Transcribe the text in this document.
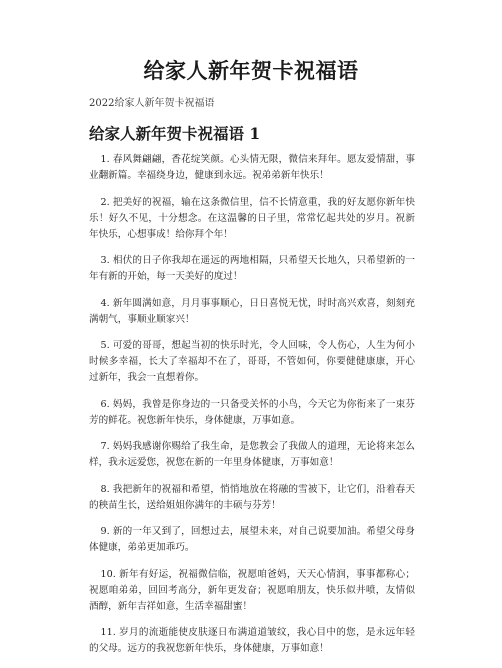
给家人新年贺卡祝福语
2022给家人新年贺卡祝福语
给家人新年贺卡祝福语 1

1. 春风舞翩翩，香花绽笑颜。心头情无限，微信来拜年。愿友爱情甜，事业翻新篇。幸福绕身边，健康到永远。祝弟弟新年快乐！

2. 把美好的祝福，输在这条微信里，信不长情意重，我的好友愿你新年快乐！好久不见，十分想念。在这温馨的日子里，常常忆起共处的岁月。祝新年快乐，心想事成！给你拜个年！

3. 相伏的日子你我却在遥远的两地相隔，只希望天长地久，只希望新的一年有新的开始，每一天美好的度过！

4. 新年圆满如意，月月事事顺心，日日喜悦无忧，时时高兴欢喜，刻刻充满朝气，事顺业顺家兴！

5. 可爱的哥哥，想起当初的快乐时光，令人回味，令人伤心，人生为何小时候多幸福，长大了幸福却不在了，哥哥，不管如何，你要健健康康，开心过新年，我会一直想着你。

6. 妈妈，我曾是你身边的一只备受关怀的小鸟，今天它为你衔来了一束芬芳的鲜花。祝您新年快乐，身体健康，万事如意。

7. 妈妈我感谢你赐给了我生命，是您教会了我做人的道理，无论将来怎么样，我永远爱您，祝您在新的一年里身体健康，万事如意！

8. 我把新年的祝福和希望，悄悄地放在将融的雪被下，让它们，沿着春天的秧苗生长，送给姐姐你满年的丰硕与芬芳！

9. 新的一年又到了，回想过去，展望未来，对自己说要加油。希望父母身体健康，弟弟更加乖巧。

10. 新年有好运，祝福微信临，祝愿咱爸妈，天天心情润，事事都称心；祝愿咱弟弟，回回考高分，新年更发奋；祝愿咱朋友，快乐似井喷，友情似酒醇，新年吉祥如意，生活幸福甜蜜！

11. 岁月的流逝能使皮肤逐日布满道道皱纹，我心目中的您，是永远年轻的父母。远方的我祝您新年快乐，身体健康，万事如意！
